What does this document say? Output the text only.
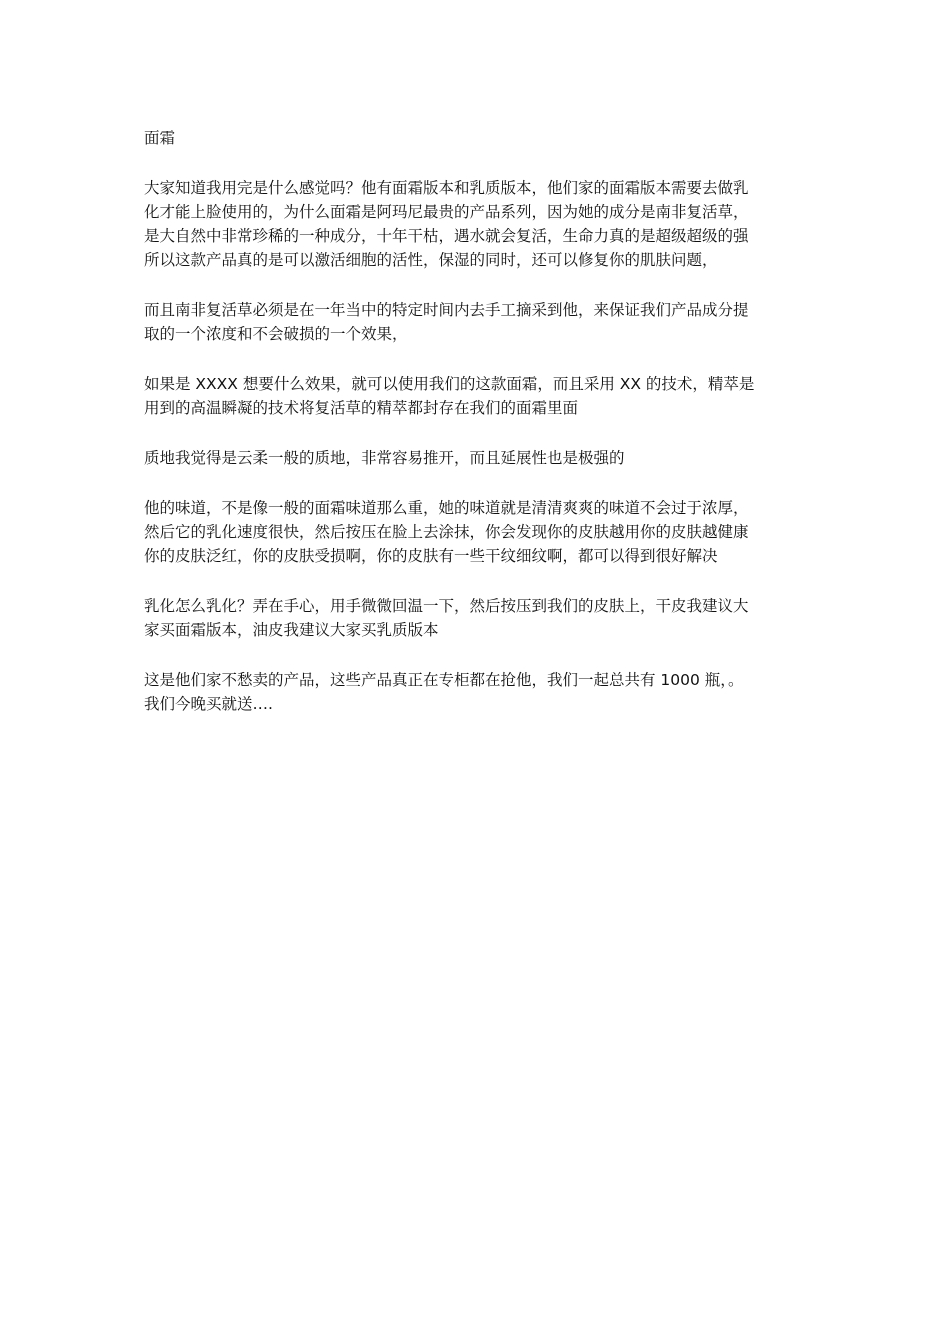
面霜

大家知道我用完是什么感觉吗？他有面霜版本和乳质版本，他们家的面霜版本需要去做乳
化才能上脸使用的，为什么面霜是阿玛尼最贵的产品系列，因为她的成分是南非复活草，
是大自然中非常珍稀的一种成分，十年干枯，遇水就会复活，生命力真的是超级超级的强
所以这款产品真的是可以激活细胞的活性，保湿的同时，还可以修复你的肌肤问题，

而且南非复活草必须是在一年当中的特定时间内去手工摘采到他，来保证我们产品成分提
取的一个浓度和不会破损的一个效果，

如果是 XXXX 想要什么效果，就可以使用我们的这款面霜，而且采用 XX 的技术，精萃是
用到的高温瞬凝的技术将复活草的精萃都封存在我们的面霜里面

质地我觉得是云柔一般的质地，非常容易推开，而且延展性也是极强的

他的味道，不是像一般的面霜味道那么重，她的味道就是清清爽爽的味道不会过于浓厚，
然后它的乳化速度很快，然后按压在脸上去涂抹，你会发现你的皮肤越用你的皮肤越健康
你的皮肤泛红，你的皮肤受损啊，你的皮肤有一些干纹细纹啊，都可以得到很好解决

乳化怎么乳化？弄在手心，用手微微回温一下，然后按压到我们的皮肤上，干皮我建议大
家买面霜版本，油皮我建议大家买乳质版本

这是他们家不愁卖的产品，这些产品真正在专柜都在抢他，我们一起总共有 1000 瓶，。
我们今晚买就送….
